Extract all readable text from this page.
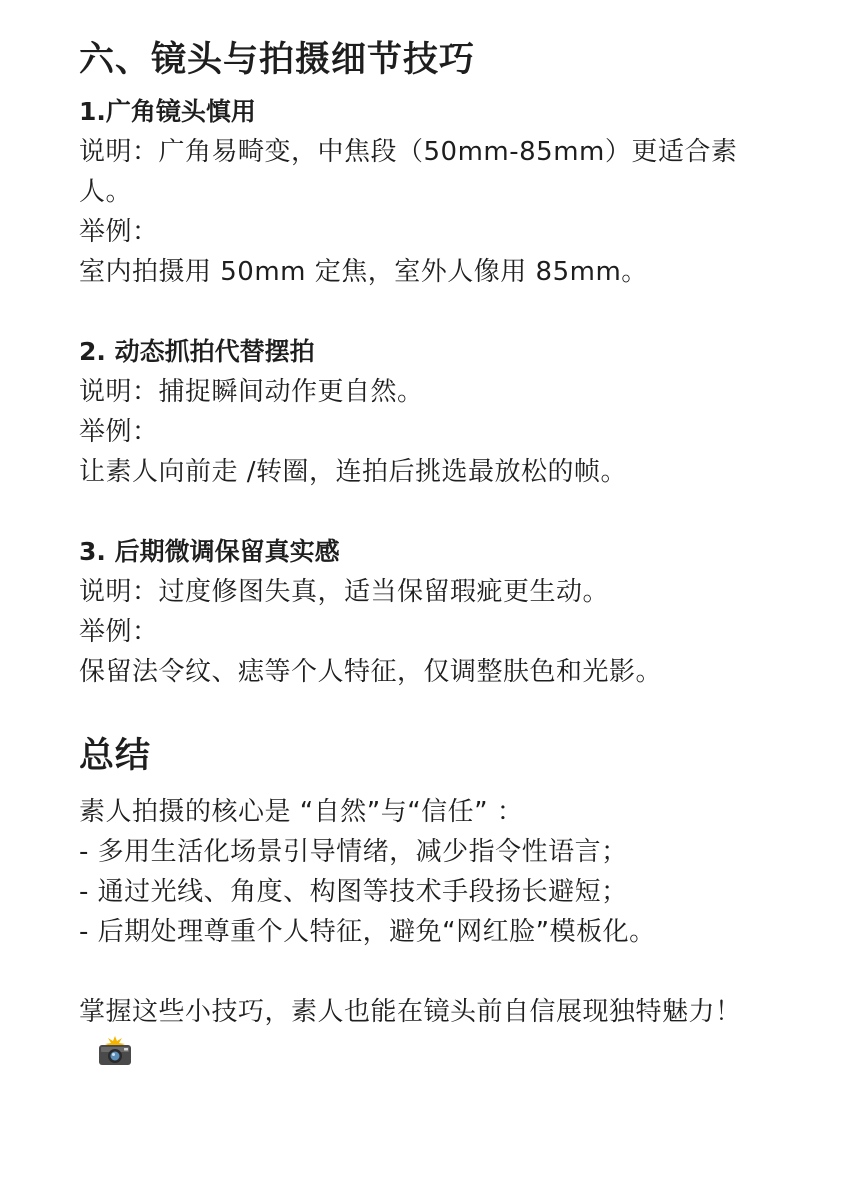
六、镜头与拍摄细节技巧
1.广角镜头慎用

说明：广角易畸变，中焦段（50mm-85mm）更适合素人。

举例：

室内拍摄用 50mm 定焦，室外人像用 85mm。

2. 动态抓拍代替摆拍

说明：捕捉瞬间动作更自然。

举例：

让素人向前走 /转圈，连拍后挑选最放松的帧。

3. 后期微调保留真实感

说明：过度修图失真，适当保留瑕疵更生动。

举例：

保留法令纹、痣等个人特征，仅调整肤色和光影。

总结

素人拍摄的核心是 “自然”与“信任” ：

- 多用生活化场景引导情绪，减少指令性语言；

- 通过光线、角度、构图等技术手段扬长避短；

- 后期处理尊重个人特征，避免“网红脸”模板化。

掌握这些小技巧，素人也能在镜头前自信展现独特魅力！
